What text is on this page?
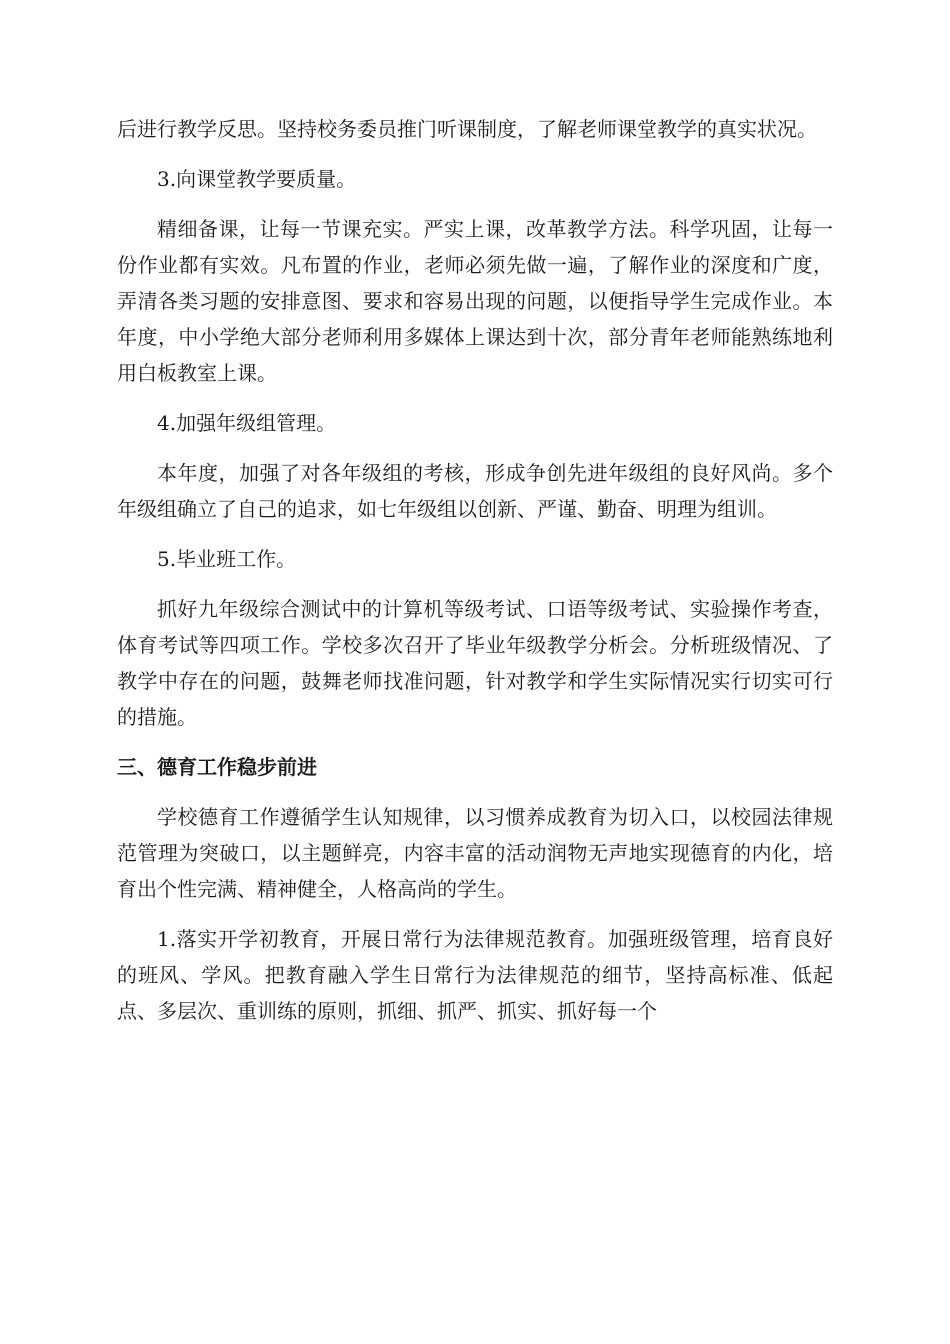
后进行教学反思。坚持校务委员推门听课制度，了解老师课堂教学的真实状况。

3.向课堂教学要质量。

精细备课，让每一节课充实。严实上课，改革教学方法。科学巩固，让每一份作业都有实效。凡布置的作业，老师必须先做一遍，了解作业的深度和广度，弄清各类习题的安排意图、要求和容易出现的问题，以便指导学生完成作业。本年度，中小学绝大部分老师利用多媒体上课达到十次，部分青年老师能熟练地利用白板教室上课。

4.加强年级组管理。

本年度，加强了对各年级组的考核，形成争创先进年级组的良好风尚。多个年级组确立了自己的追求，如七年级组以创新、严谨、勤奋、明理为组训。

5.毕业班工作。

抓好九年级综合测试中的计算机等级考试、口语等级考试、实验操作考查，体育考试等四项工作。学校多次召开了毕业年级教学分析会。分析班级情况、了教学中存在的问题，鼓舞老师找准问题，针对教学和学生实际情况实行切实可行的措施。

三、德育工作稳步前进

学校德育工作遵循学生认知规律，以习惯养成教育为切入口，以校园法律规范管理为突破口，以主题鲜亮，内容丰富的活动润物无声地实现德育的内化，培育出个性完满、精神健全，人格高尚的学生。

1.落实开学初教育，开展日常行为法律规范教育。加强班级管理，培育良好的班风、学风。把教育融入学生日常行为法律规范的细节，坚持高标准、低起点、多层次、重训练的原则，抓细、抓严、抓实、抓好每一个
